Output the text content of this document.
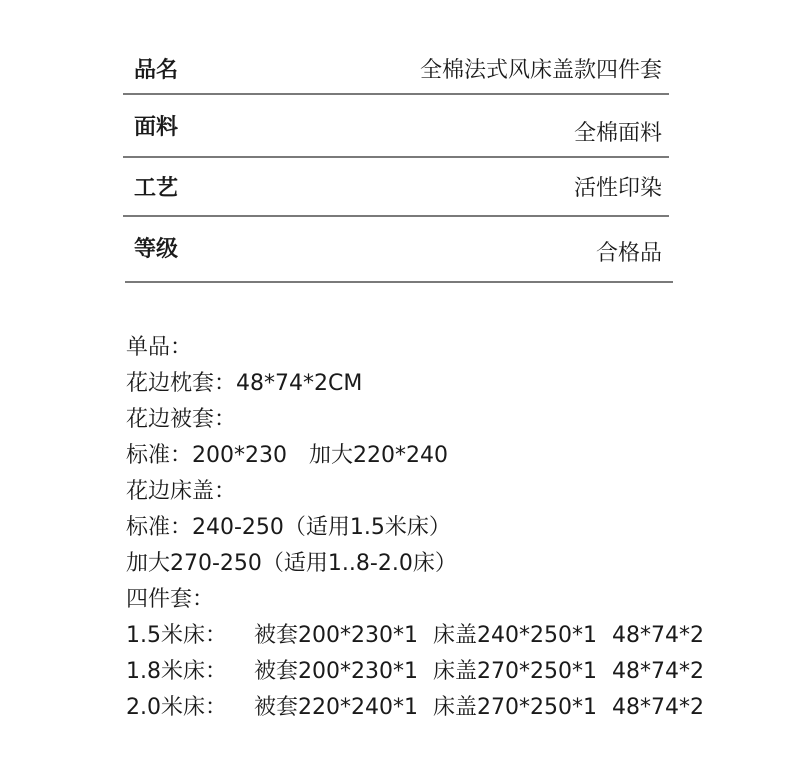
品名	全棉法式风床盖款四件套
面料	全棉面料
工艺	活性印染
等级	合格品
单品：
花边枕套：48*74*2CM
花边被套：
标准：200*230　加大220*240
花边床盖：
标准：240-250（适用1.5米床）
加大270-250（适用1..8-2.0床）
四件套：
1.5米床： 被套200*230*1 床盖240*250*1 48*74*2
1.8米床： 被套200*230*1 床盖270*250*1 48*74*2
2.0米床： 被套220*240*1 床盖270*250*1 48*74*2
